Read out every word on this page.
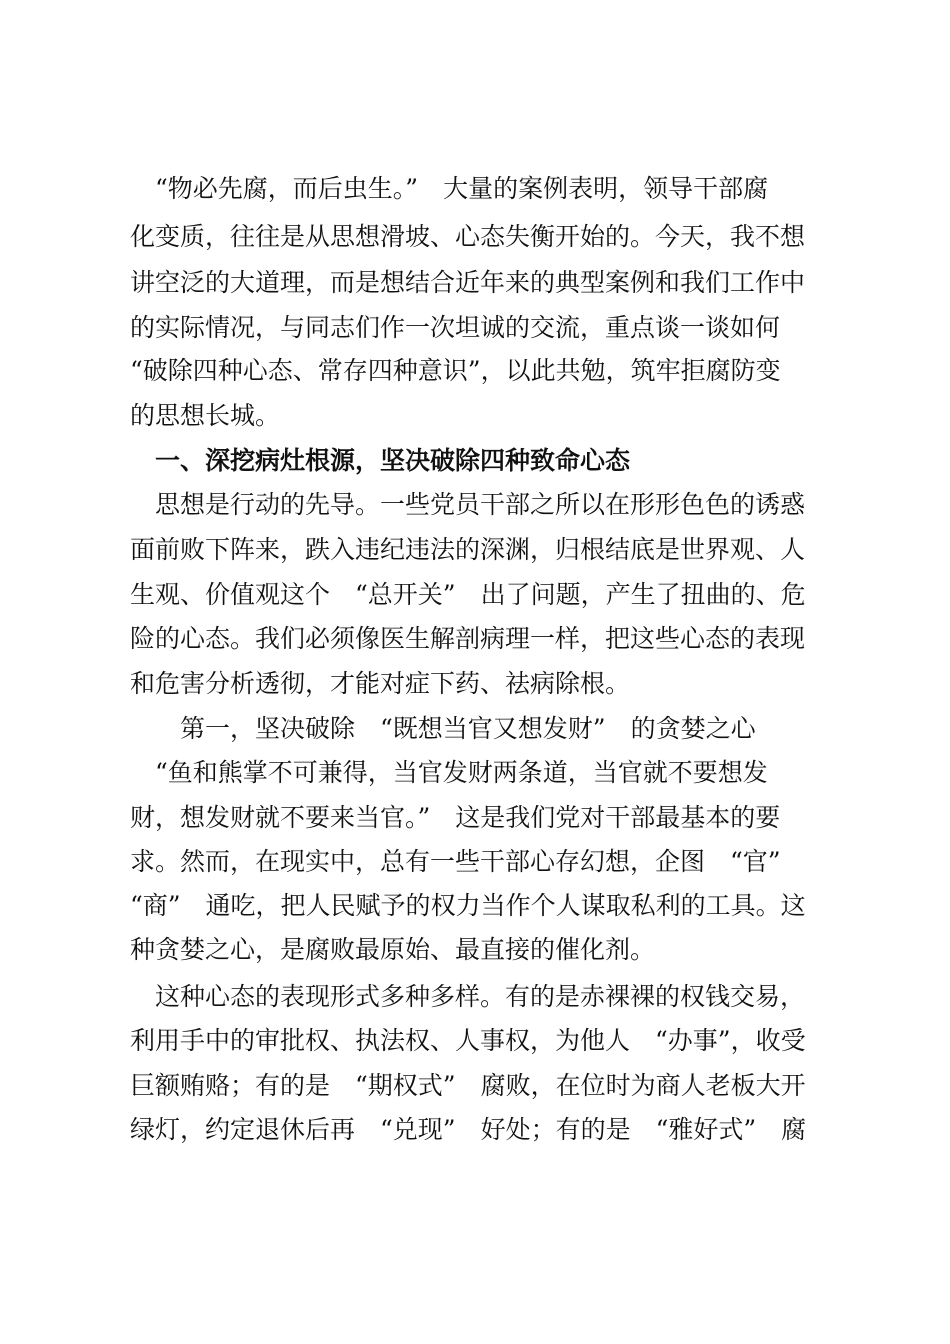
　“物必先腐，而后虫生。”　大量的案例表明，领导干部腐

化变质，往往是从思想滑坡、心态失衡开始的。今天，我不想

讲空泛的大道理，而是想结合近年来的典型案例和我们工作中

的实际情况，与同志们作一次坦诚的交流，重点谈一谈如何

“破除四种心态、常存四种意识”，以此共勉，筑牢拒腐防变

的思想长城。

　一、深挖病灶根源，坚决破除四种致命心态

　思想是行动的先导。一些党员干部之所以在形形色色的诱惑

面前败下阵来，跌入违纪违法的深渊，归根结底是世界观、人

生观、价值观这个　“总开关”　出了问题，产生了扭曲的、危

险的心态。我们必须像医生解剖病理一样，把这些心态的表现

和危害分析透彻，才能对症下药、祛病除根。

　　第一，坚决破除　“既想当官又想发财”　的贪婪之心

　“鱼和熊掌不可兼得，当官发财两条道，当官就不要想发

财，想发财就不要来当官。”　这是我们党对干部最基本的要

求。然而，在现实中，总有一些干部心存幻想，企图　“官”

“商”　通吃，把人民赋予的权力当作个人谋取私利的工具。这

种贪婪之心，是腐败最原始、最直接的催化剂。

　这种心态的表现形式多种多样。有的是赤裸裸的权钱交易，

利用手中的审批权、执法权、人事权，为他人　“办事”，收受

巨额贿赂；有的是　“期权式”　腐败，在位时为商人老板大开

绿灯，约定退休后再　“兑现”　好处；有的是　“雅好式”　腐
